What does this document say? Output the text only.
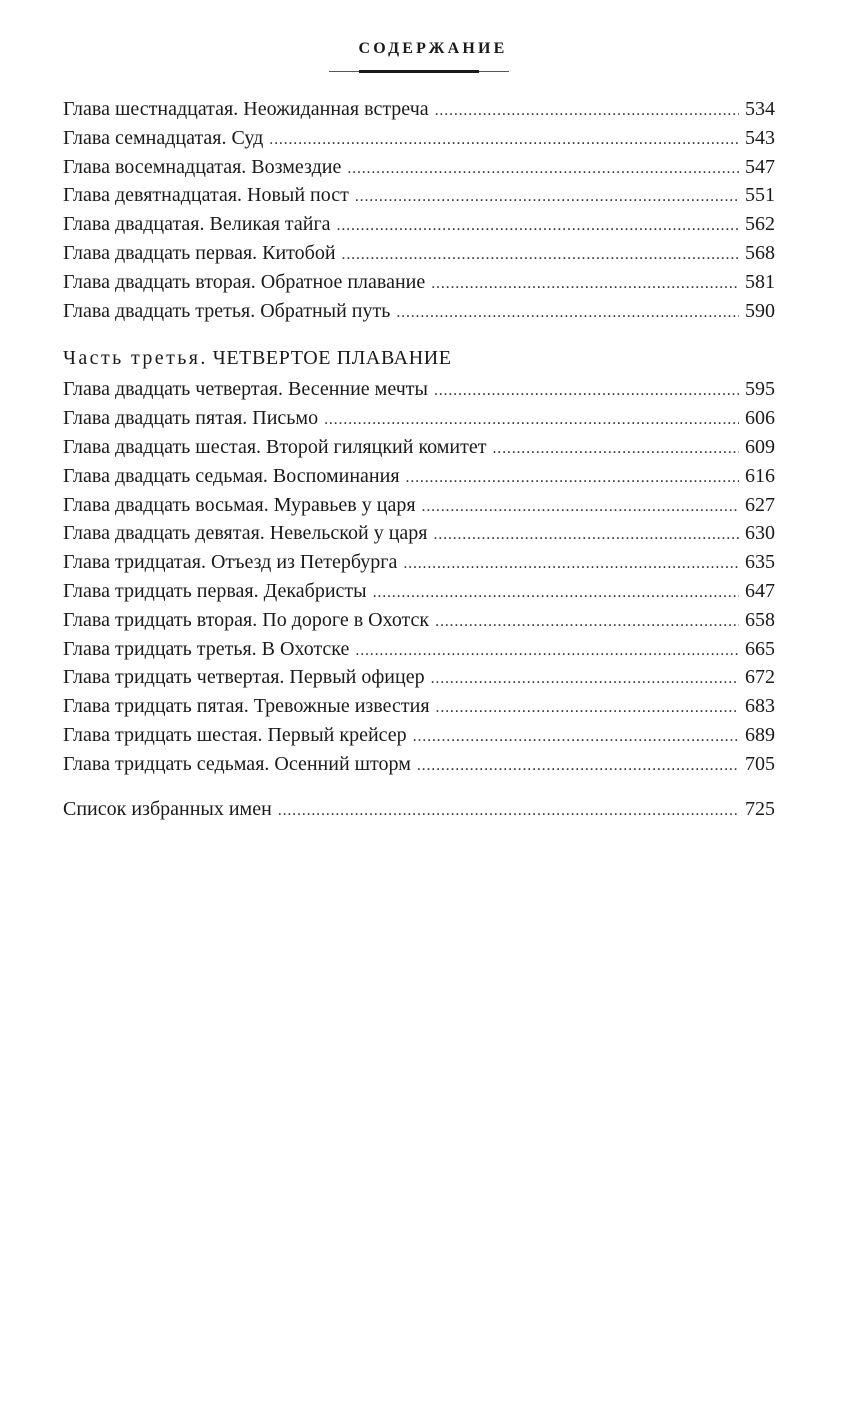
СОДЕРЖАНИЕ
Глава шестнадцатая. Неожиданная встреча . . .	534
Глава семнадцатая. Суд . . .	543
Глава восемнадцатая. Возмездие . . .	547
Глава девятнадцатая. Новый пост . . .	551
Глава двадцатая. Великая тайга . . .	562
Глава двадцать первая. Китобой . . .	568
Глава двадцать вторая. Обратное плавание . . .	581
Глава двадцать третья. Обратный путь . . .	590
Часть третья. ЧЕТВЕРТОЕ ПЛАВАНИЕ
Глава двадцать четвертая. Весенние мечты . . .	595
Глава двадцать пятая. Письмо . . .	606
Глава двадцать шестая. Второй гиляцкий комитет . . .	609
Глава двадцать седьмая. Воспоминания . . .	616
Глава двадцать восьмая. Муравьев у царя . . .	627
Глава двадцать девятая. Невельской у царя . . .	630
Глава тридцатая. Отъезд из Петербурга . . .	635
Глава тридцать первая. Декабристы . . .	647
Глава тридцать вторая. По дороге в Охотск . . .	658
Глава тридцать третья. В Охотске . . .	665
Глава тридцать четвертая. Первый офицер . . .	672
Глава тридцать пятая. Тревожные известия . . .	683
Глава тридцать шестая. Первый крейсер . . .	689
Глава тридцать седьмая. Осенний шторм . . .	705
Список избранных имен . . .	725
